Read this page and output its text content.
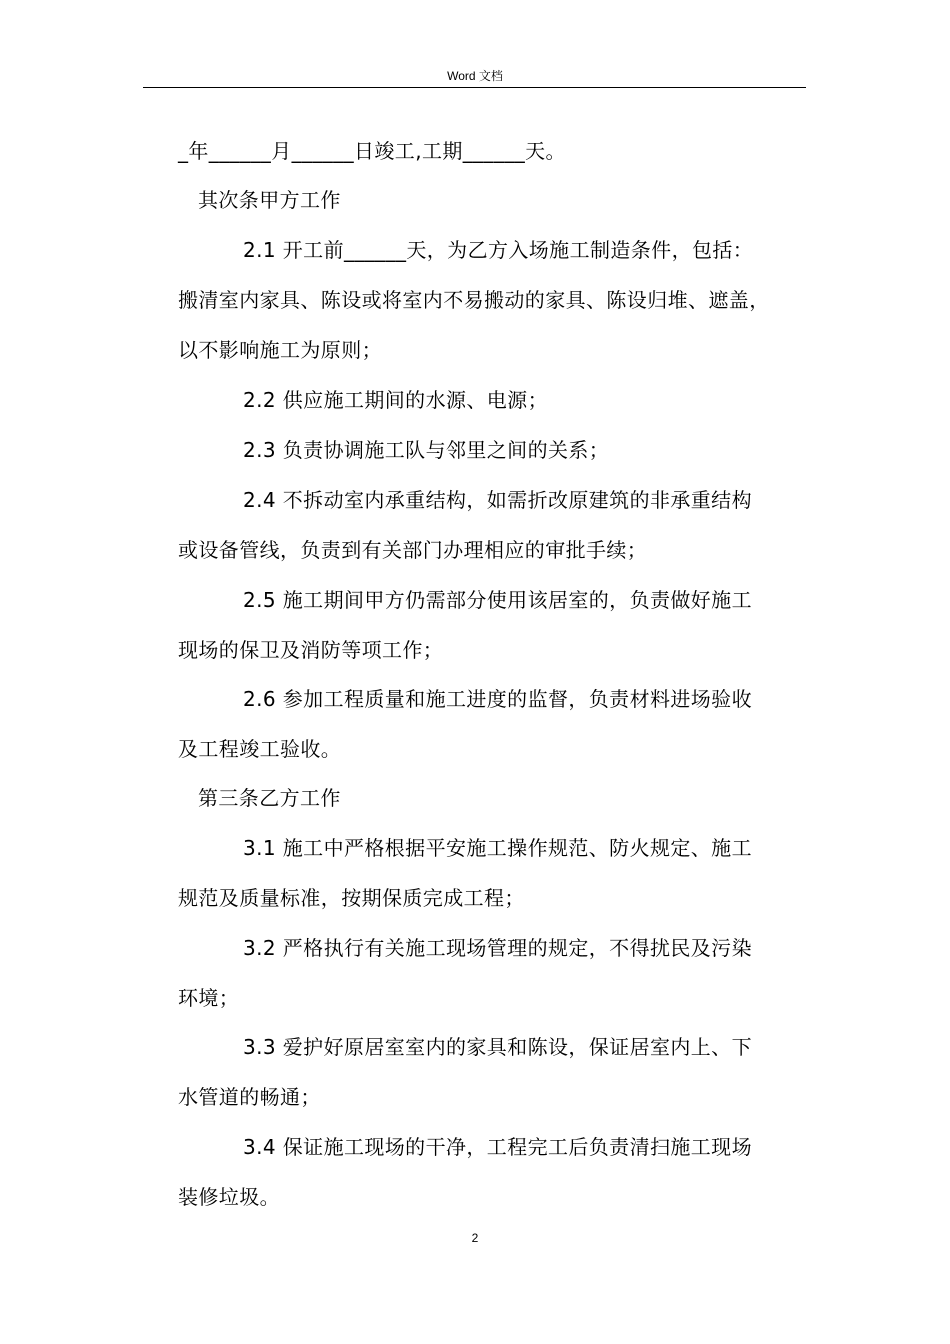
Word 文档
_年______月______日竣工,工期______天。
其次条甲方工作
2.1 开工前______天，为乙方入场施工制造条件，包括：
搬清室内家具、陈设或将室内不易搬动的家具、陈设归堆、遮盖，
以不影响施工为原则；
2.2 供应施工期间的水源、电源；
2.3 负责协调施工队与邻里之间的关系；
2.4 不拆动室内承重结构，如需折改原建筑的非承重结构
或设备管线，负责到有关部门办理相应的审批手续；
2.5 施工期间甲方仍需部分使用该居室的，负责做好施工
现场的保卫及消防等项工作；
2.6 参加工程质量和施工进度的监督，负责材料进场验收
及工程竣工验收。
第三条乙方工作
3.1 施工中严格根据平安施工操作规范、防火规定、施工
规范及质量标准，按期保质完成工程；
3.2 严格执行有关施工现场管理的规定，不得扰民及污染
环境；
3.3 爱护好原居室室内的家具和陈设，保证居室内上、下
水管道的畅通；
3.4 保证施工现场的干净，工程完工后负责清扫施工现场
装修垃圾。
2
